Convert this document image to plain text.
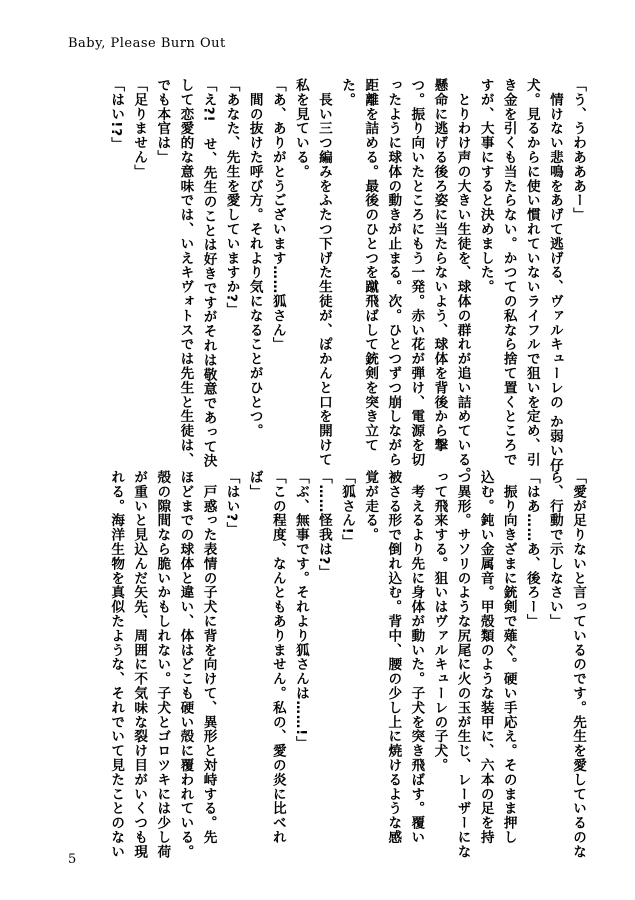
Baby, Please Burn Out
「う、うわあああー」
　情けない悲鳴をあげて逃げる、ヴァルキューレの か弱い仔
犬。見るからに使い慣れていないライフルで狙いを定め、引
き金を引くも当たらない。かつての私なら捨て置くところで
すが、大事にすると決めました。
　とりわけ声の大きい生徒を、球体の群れが追い詰めている。
懸命に逃げる後ろ姿に当たらないよう、球体を背後から撃
つ。振り向いたところにもう一発。赤い花が弾け、電源を切
ったように球体の動きが止まる。次。ひとつずつ崩しながら
距離を詰める。最後のひとつを蹴飛ばして銃剣を突き立て
た。
　長い三つ編みをふたつ下げた生徒が、ぽかんと口を開けて
私を見ている。
「あ、ありがとうございます……狐さん」
　間の抜けた呼び方。それより気になることがひとつ。
「あなた、先生を愛していますか?」
「え?!　せ、先生のことは好きですがそれは敬意であって決
して恋愛的な意味では、いえキヴォトスでは先生と生徒は、
でも本官は」
「足りません」
「はい!?」
「愛が足りないと言っているのです。先生を愛しているのな
ら、行動で示しなさい」
「はあ……あ、後ろー」
　振り向きざまに銃剣で薙ぐ。硬い手応え。そのまま押し
込む。鈍い金属音。甲殻類のような装甲に、六本の足を持
つ異形。サソリのような尻尾に火の玉が生じ、レーザーにな
って飛来する。狙いはヴァルキューレの子犬。
　考えるより先に身体が動いた。子犬を突き飛ばす。覆い
被さる形で倒れ込む。背中、腰の少し上に焼けるような感
覚が走る。
「狐さん!」
「……怪我は?」
「ぶ、無事です。それより狐さんは……!」
「この程度、なんともありません。私の、愛の炎に比べれ
ば」
「はい?」
　戸惑った表情の子犬に背を向けて、異形と対峙する。先
ほどまでの球体と違い、体はどこも硬い殻に覆われている。
殻の隙間なら脆いかもしれない。子犬とゴロツキには少し荷
が重いと見込んだ矢先、周囲に不気味な裂け目がいくつも現
れる。海洋生物を真似たような、それでいて見たことのない
5
